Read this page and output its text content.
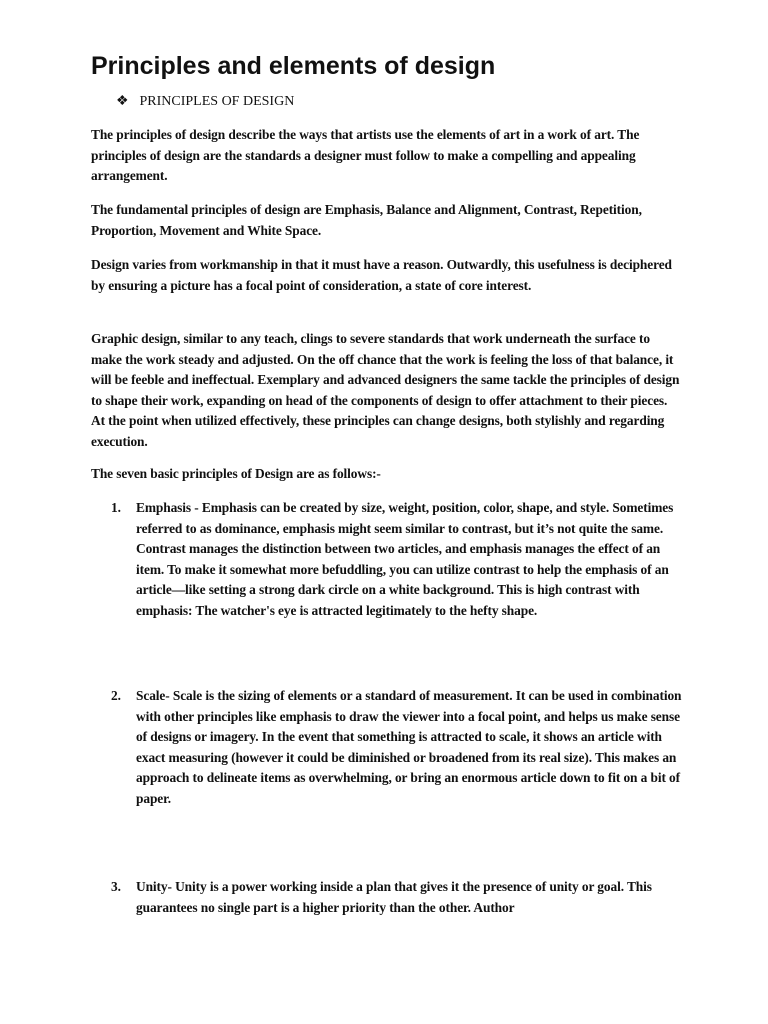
Principles and elements of design
❖ PRINCIPLES OF DESIGN

The principles of design describe the ways that artists use the elements of art in a work of art. The principles of design are the standards a designer must follow to make a compelling and appealing arrangement.

The fundamental principles of design are Emphasis, Balance and Alignment, Contrast, Repetition, Proportion, Movement and White Space.

Design varies from workmanship in that it must have a reason. Outwardly, this usefulness is deciphered by ensuring a picture has a focal point of consideration, a state of core interest.

Graphic design, similar to any teach, clings to severe standards that work underneath the surface to make the work steady and adjusted. On the off chance that the work is feeling the loss of that balance, it will be feeble and ineffectual. Exemplary and advanced designers the same tackle the principles of design to shape their work, expanding on head of the components of design to offer attachment to their pieces. At the point when utilized effectively, these principles can change designs, both stylishly and regarding execution.

The seven basic principles of Design are as follows:-

1.	Emphasis - Emphasis can be created by size, weight, position, color, shape, and style. Sometimes referred to as dominance, emphasis might seem similar to contrast, but it’s not quite the same. Contrast manages the distinction between two articles, and emphasis manages the effect of an item. To make it somewhat more befuddling, you can utilize contrast to help the emphasis of an article—like setting a strong dark circle on a white background. This is high contrast with emphasis: The watcher's eye is attracted legitimately to the hefty shape.
2.	Scale- Scale is the sizing of elements or a standard of measurement. It can be used in combination with other principles like emphasis to draw the viewer into a focal point, and helps us make sense of designs or imagery. In the event that something is attracted to scale, it shows an article with exact measuring (however it could be diminished or broadened from its real size). This makes an approach to delineate items as overwhelming, or bring an enormous article down to fit on a bit of paper.
3.	Unity- Unity is a power working inside a plan that gives it the presence of unity or goal. This guarantees no single part is a higher priority than the other. Author
